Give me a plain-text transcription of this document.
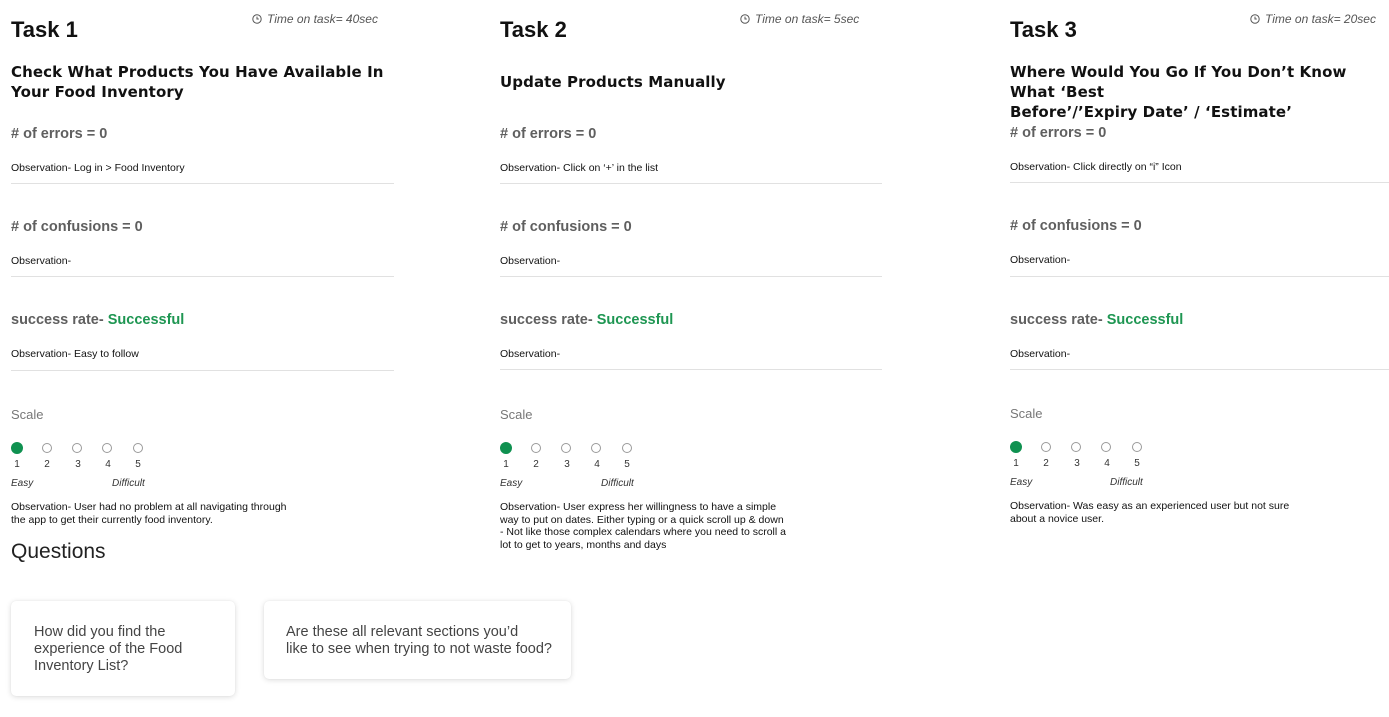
Task 1	Time on task= 40sec
Check What Products You Have Available In
Your Food Inventory
# of errors = 0
Observation- Log in > Food Inventory
# of confusions = 0
Observation-
success rate- Successful
Observation- Easy to follow
Scale
1	2	3	4	5
Easy	Difficult
Observation- User had no problem at all navigating through
the app to get their currently food inventory.
Task 2	Time on task= 5sec
Update Products Manually
# of errors = 0
Observation- Click on ‘+’ in the list
# of confusions = 0
Observation-
success rate- Successful
Observation-
Scale
1	2	3	4	5
Easy	Difficult
Observation- User express her willingness to have a simple
way to put on dates. Either typing or a quick scroll up & down
- Not like those complex calendars where you need to scroll a
lot to get to years, months and days
Task 3	Time on task= 20sec
Where Would You Go If You Don’t Know What ‘Best
Before’/’Expiry Date’ / ‘Estimate’
# of errors = 0
Observation- Click directly on “i” Icon
# of confusions = 0
Observation-
success rate- Successful
Observation-
Scale
1	2	3	4	5
Easy	Difficult
Observation- Was easy as an experienced user but not sure
about a novice user.
Questions
How did you find the
experience of the Food
Inventory List?
Are these all relevant sections you’d
like to see when trying to not waste food?
